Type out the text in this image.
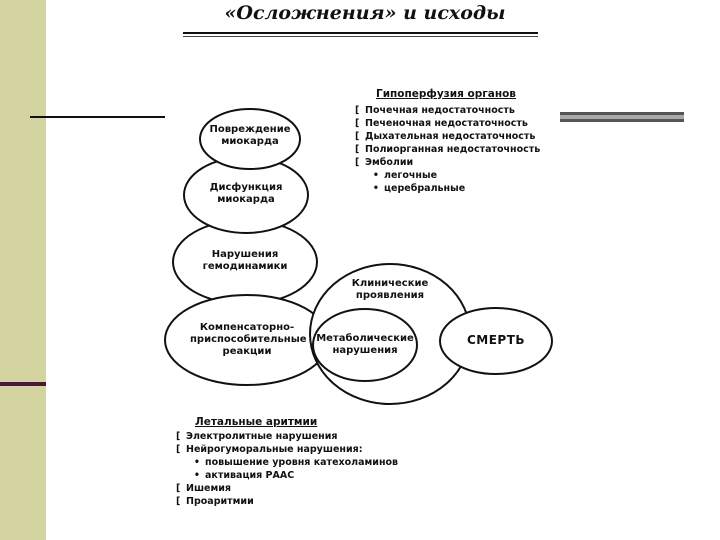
«Осложнения» и исходы
Повреждение миокарда
Дисфункция миокарда
Нарушения гемодинамики
Компенсаторно-приспособительные реакции
Клинические проявления
Метаболические нарушения
СМЕРТЬ
Гипоперфузия органов
[ Почечная недостаточность
[ Печеночная недостаточность
[ Дыхательная недостаточность
[ Полиорганная недостаточность
[ Эмболии
• легочные
• церебральные
Летальные аритмии
[ Электролитные нарушения
[ Нейрогуморальные нарушения:
• повышение уровня катехоламинов
• активация РААС
[ Ишемия
[ Проаритмии
